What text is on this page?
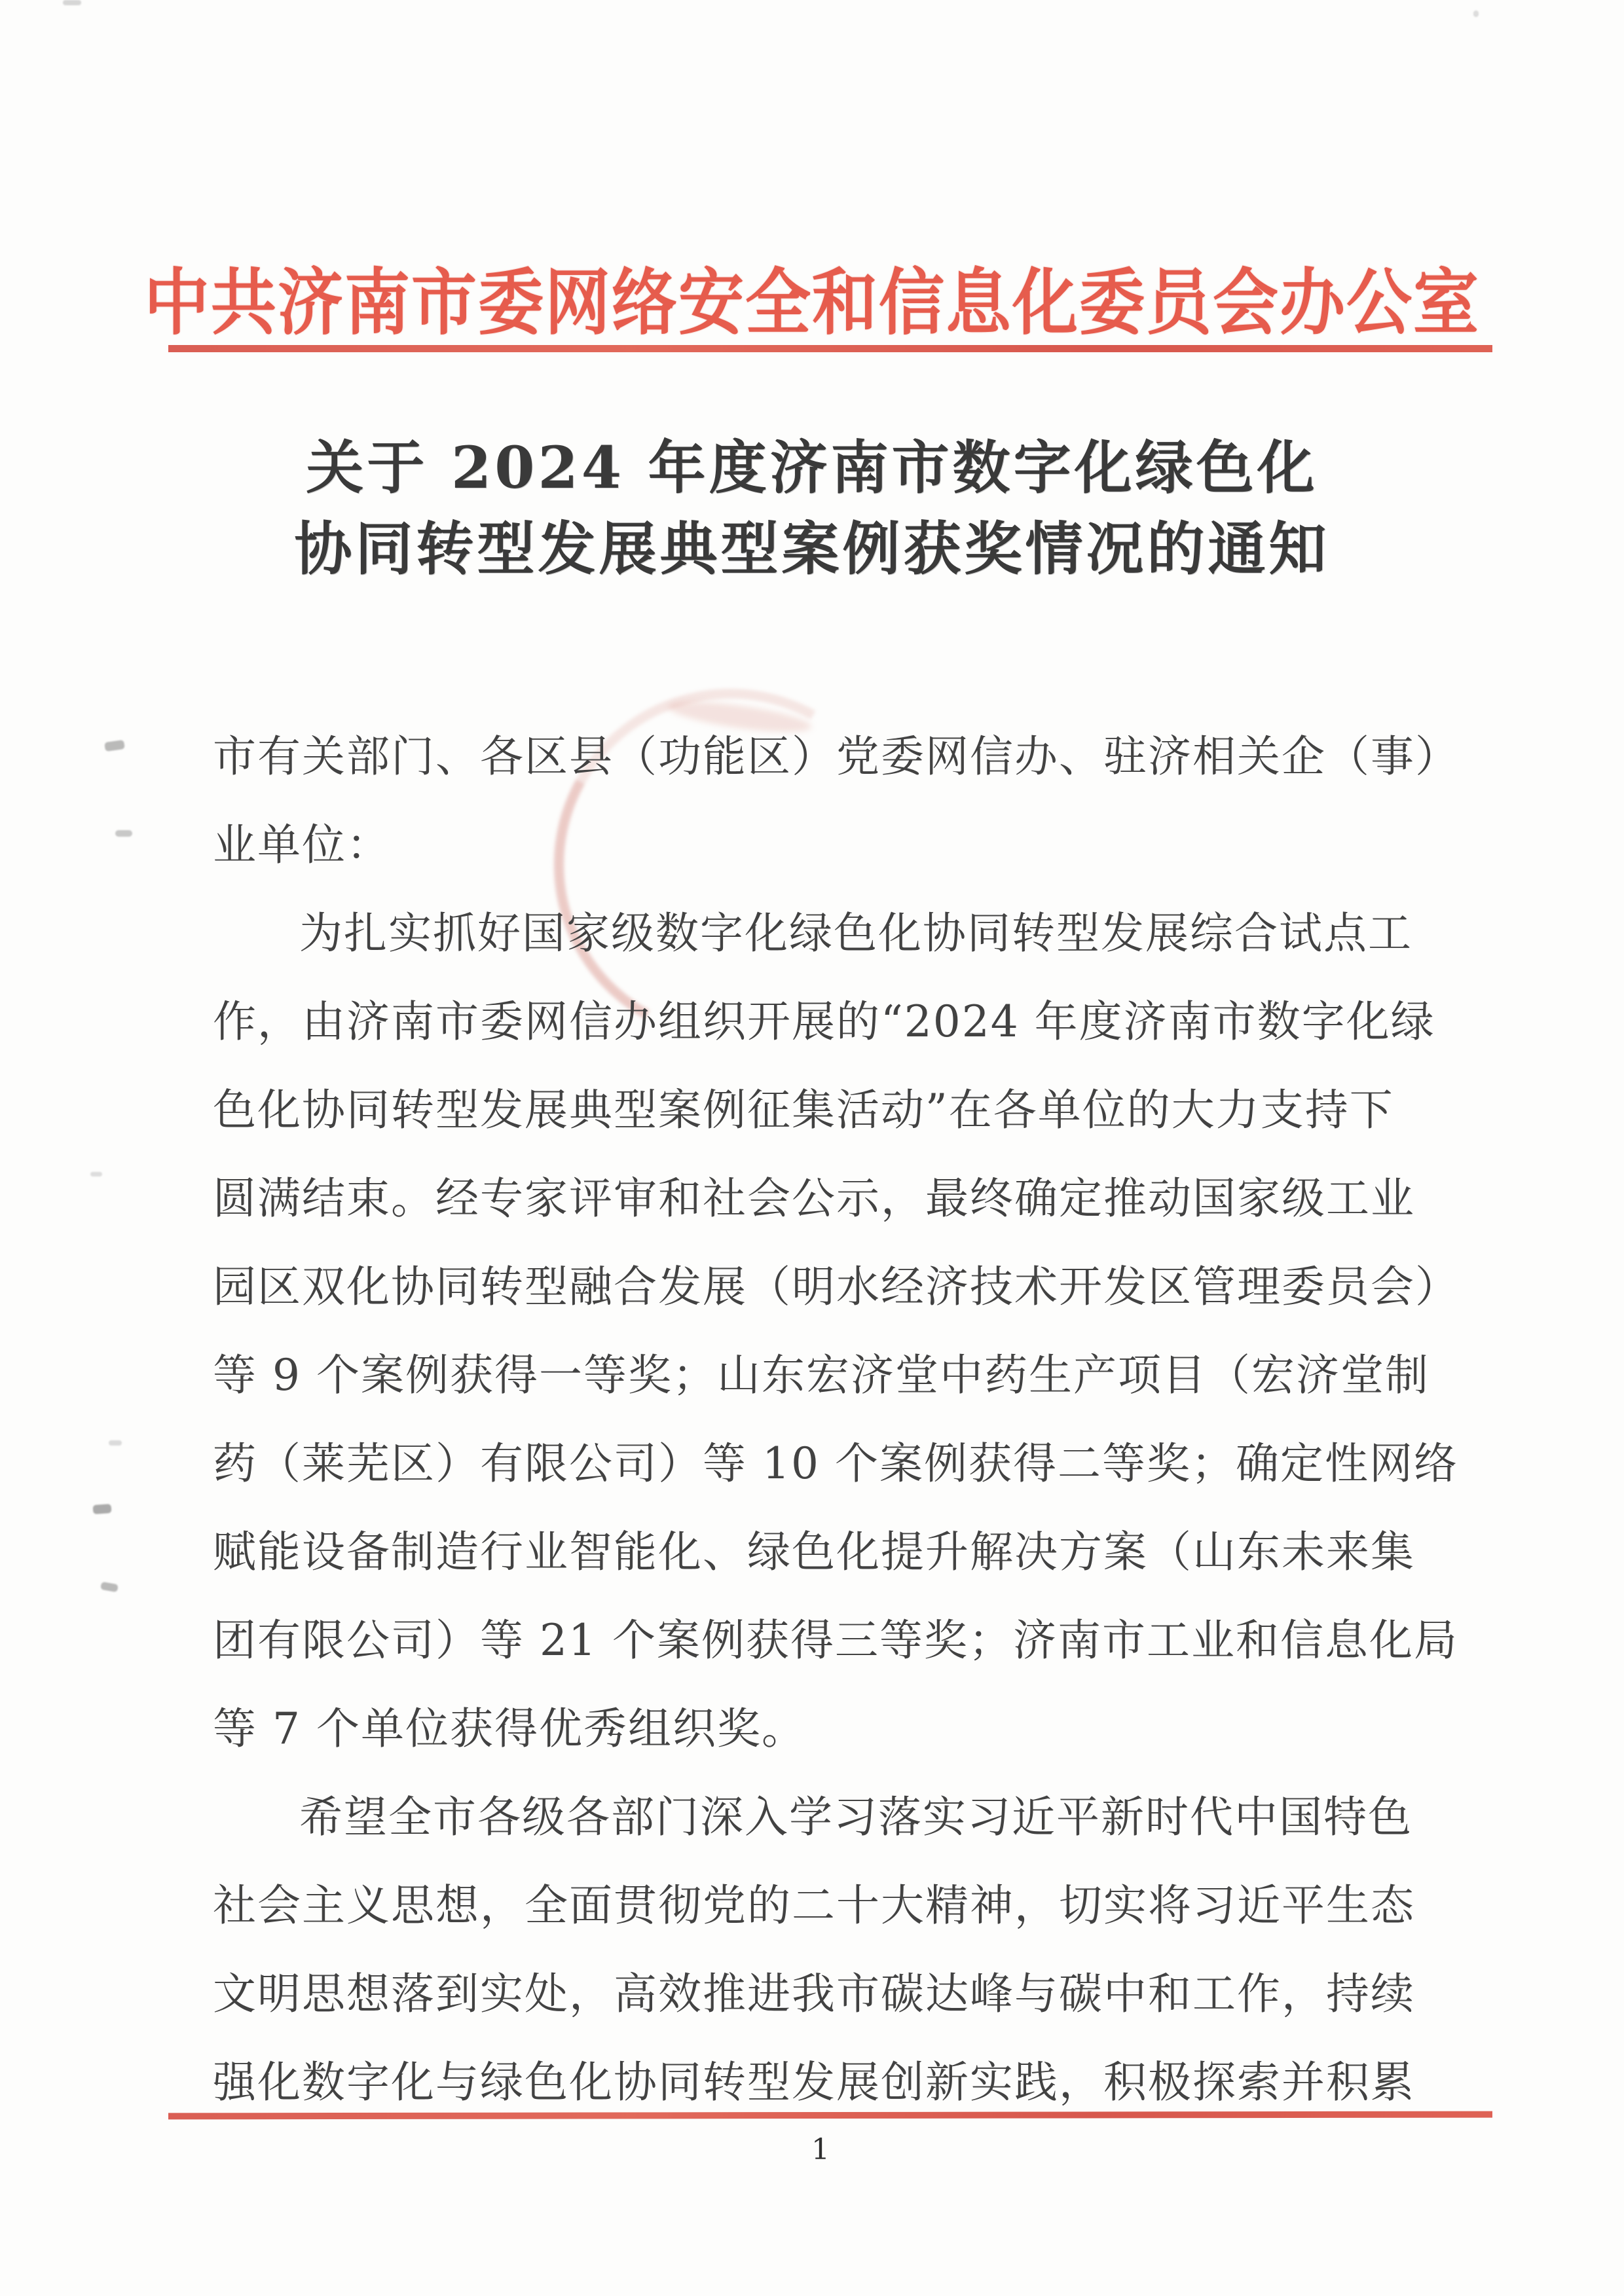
中共济南市委网络安全和信息化委员会办公室
关于 2024 年度济南市数字化绿色化
协同转型发展典型案例获奖情况的通知
市有关部门、各区县（功能区）党委网信办、驻济相关企（事）
业单位：
为扎实抓好国家级数字化绿色化协同转型发展综合试点工
作，由济南市委网信办组织开展的“2024 年度济南市数字化绿
色化协同转型发展典型案例征集活动”在各单位的大力支持下
圆满结束。经专家评审和社会公示，最终确定推动国家级工业
园区双化协同转型融合发展（明水经济技术开发区管理委员会）
等 9 个案例获得一等奖；山东宏济堂中药生产项目（宏济堂制
药（莱芜区）有限公司）等 10 个案例获得二等奖；确定性网络
赋能设备制造行业智能化、绿色化提升解决方案（山东未来集
团有限公司）等 21 个案例获得三等奖；济南市工业和信息化局
等 7 个单位获得优秀组织奖。
希望全市各级各部门深入学习落实习近平新时代中国特色
社会主义思想，全面贯彻党的二十大精神，切实将习近平生态
文明思想落到实处，高效推进我市碳达峰与碳中和工作，持续
强化数字化与绿色化协同转型发展创新实践，积极探索并积累
1
